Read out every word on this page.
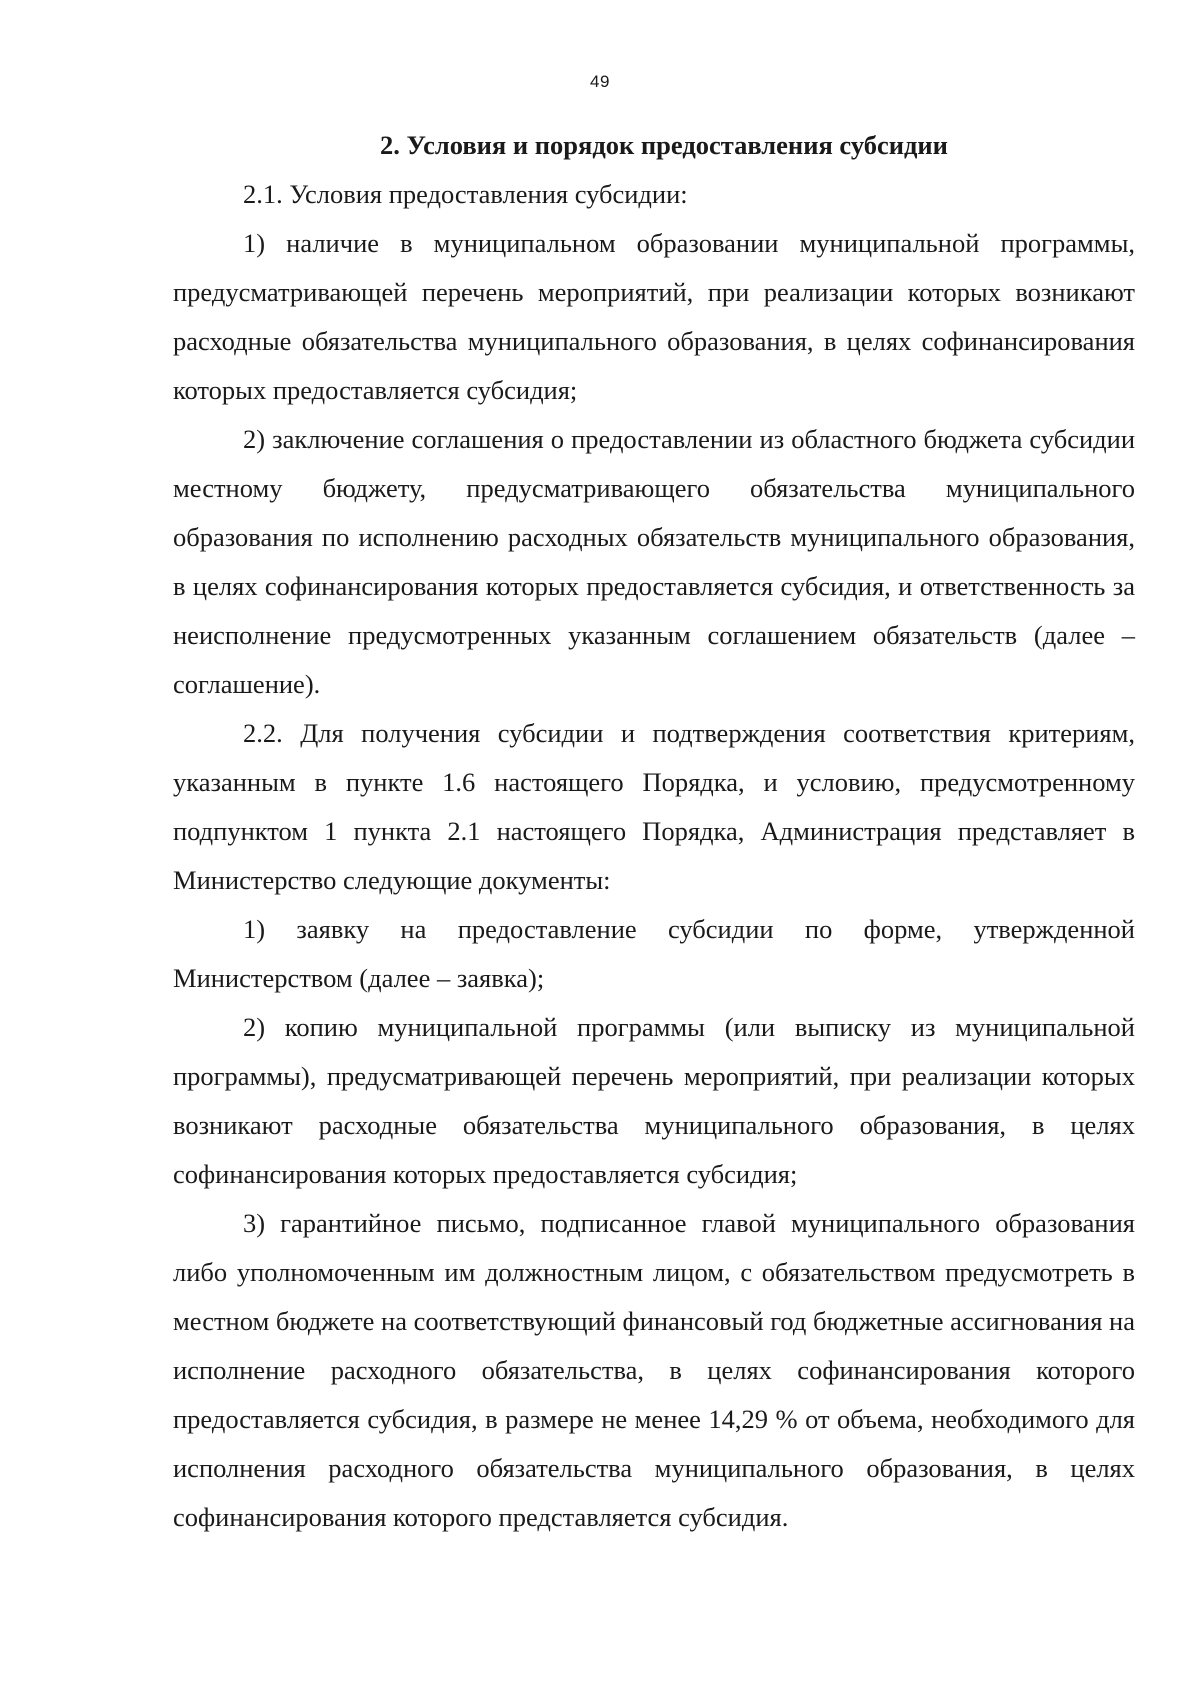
49
2. Условия и порядок предоставления субсидии

2.1. Условия предоставления субсидии:

1) наличие в муниципальном образовании муниципальной программы, предусматривающей перечень мероприятий, при реализации которых возникают расходные обязательства муниципального образования, в целях софинансирования которых предоставляется субсидия;

2) заключение соглашения о предоставлении из областного бюджета субсидии местному бюджету, предусматривающего обязательства муниципального образования по исполнению расходных обязательств муниципального образования, в целях софинансирования которых предоставляется субсидия, и ответственность за неисполнение предусмотренных указанным соглашением обязательств (далее – соглашение).

2.2. Для получения субсидии и подтверждения соответствия критериям, указанным в пункте 1.6 настоящего Порядка, и условию, предусмотренному подпунктом 1 пункта 2.1 настоящего Порядка, Администрация представляет в Министерство следующие документы:

1) заявку на предоставление субсидии по форме, утвержденной Министерством (далее – заявка);

2) копию муниципальной программы (или выписку из муниципальной программы), предусматривающей перечень мероприятий, при реализации которых возникают расходные обязательства муниципального образования, в целях софинансирования которых предоставляется субсидия;

3) гарантийное письмо, подписанное главой муниципального образования либо уполномоченным им должностным лицом, с обязательством предусмотреть в местном бюджете на соответствующий финансовый год бюджетные ассигнования на исполнение расходного обязательства, в целях софинансирования которого предоставляется субсидия, в размере не менее 14,29 % от объема, необходимого для исполнения расходного обязательства муниципального образования, в целях софинансирования которого представляется субсидия.
